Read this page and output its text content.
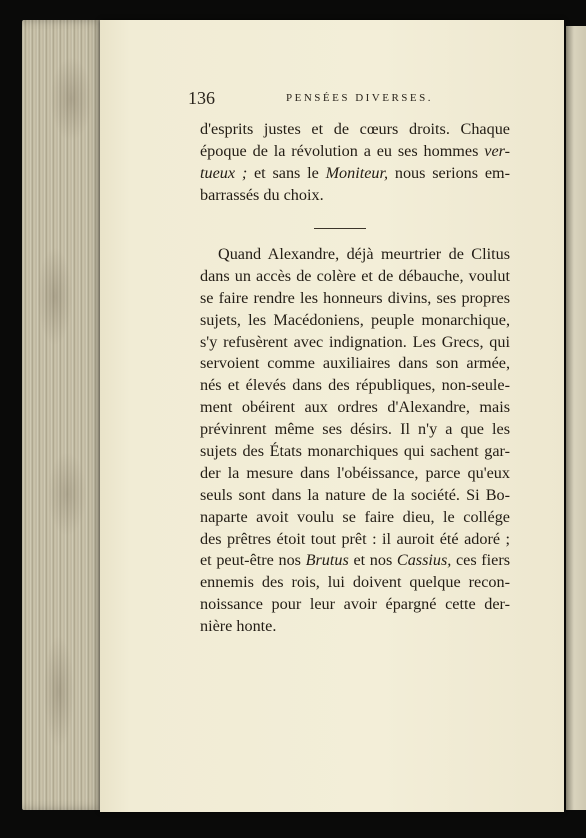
136	PENSÉES DIVERSES.
d'esprits justes et de cœurs droits. Chaque
époque de la révolution a eu ses hommes ver-
tueux ; et sans le Moniteur, nous serions em-
barrassés du choix.
Quand Alexandre, déjà meurtrier de Clitus
dans un accès de colère et de débauche, voulut
se faire rendre les honneurs divins, ses propres
sujets, les Macédoniens, peuple monarchique,
s'y refusèrent avec indignation. Les Grecs, qui
servoient comme auxiliaires dans son armée,
nés et élevés dans des républiques, non-seule-
ment obéirent aux ordres d'Alexandre, mais
prévinrent même ses désirs. Il n'y a que les
sujets des États monarchiques qui sachent gar-
der la mesure dans l'obéissance, parce qu'eux
seuls sont dans la nature de la société. Si Bo-
naparte avoit voulu se faire dieu, le collége
des prêtres étoit tout prêt : il auroit été adoré ;
et peut-être nos Brutus et nos Cassius, ces fiers
ennemis des rois, lui doivent quelque recon-
noissance pour leur avoir épargné cette der-
nière honte.
